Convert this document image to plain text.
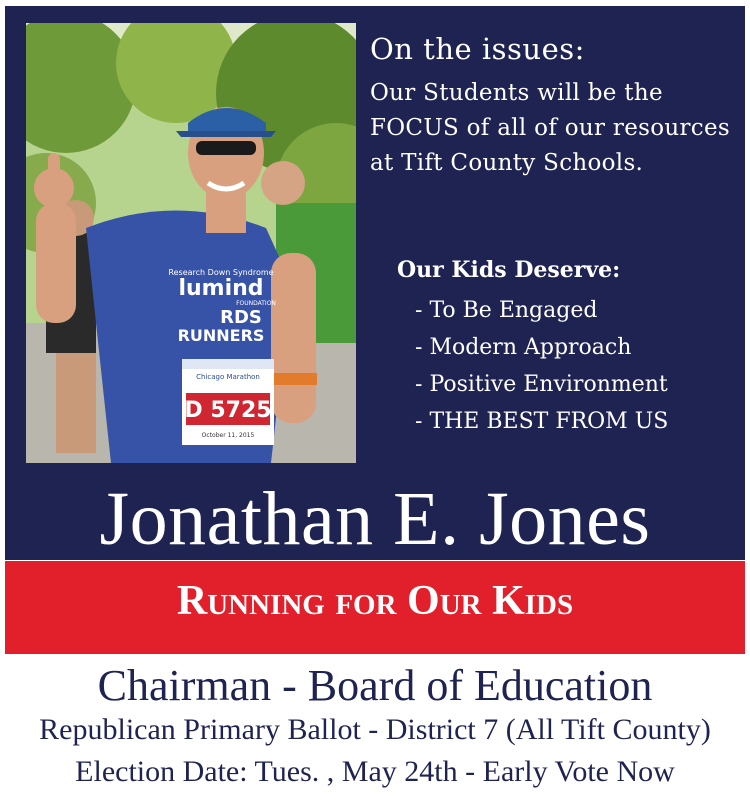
Research Down Syndrome
lumind
FOUNDATION
RDS
RUNNERS
Chicago Marathon
D 5725
October 11, 2015
On the issues:

Our Students will be the FOCUS of all of our resources at Tift County Schools.

Our Kids Deserve:
- To Be Engaged
- Modern Approach
- Positive Environment
- THE BEST FROM US
Jonathan E. Jones
Running for Our Kids

Chairman - Board of Education

Republican Primary Ballot - District 7 (All Tift County)

Election Date: Tues. , May 24th - Early Vote Now
